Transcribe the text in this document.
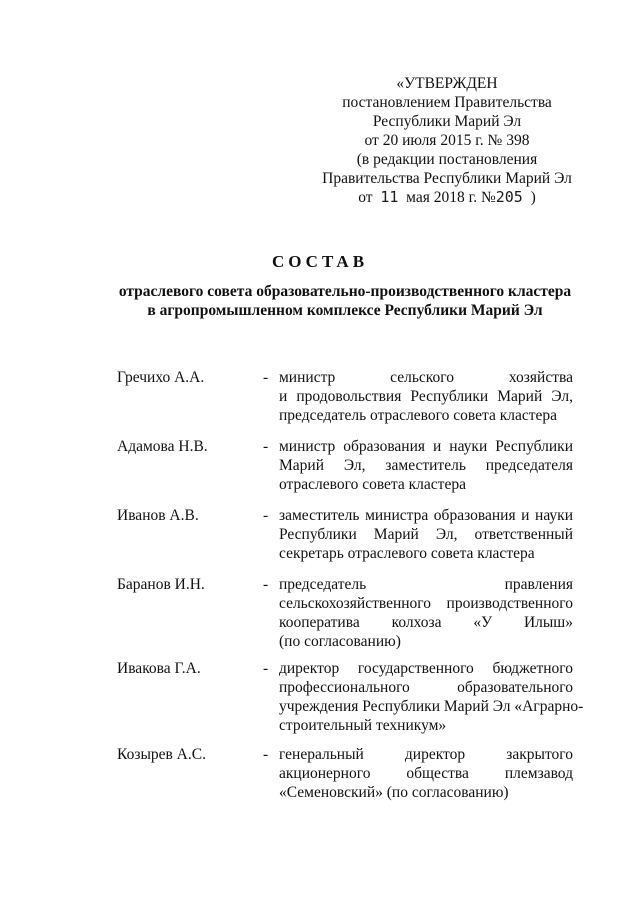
«УТВЕРЖДЕН
постановлением Правительства
Республики Марий Эл
от 20 июля 2015 г. № 398
(в редакции постановления
Правительства Республики Марий Эл
от 11 мая 2018 г. №205 )
СОСТАВ
отраслевого совета образовательно-производственного кластера
в агропромышленном комплексе Республики Марий Эл
Гречихо А.А.	- министр сельского хозяйства
и продовольствия Республики Марий Эл,
председатель отраслевого совета кластера
Адамова Н.В.	- министр образования и науки Республики
Марий Эл, заместитель председателя
отраслевого совета кластера
Иванов А.В.	- заместитель министра образования и науки
Республики Марий Эл, ответственный
секретарь отраслевого совета кластера
Баранов И.Н.	- председатель правления
сельскохозяйственного производственного
кооператива колхоза «У Илыш»
(по согласованию)
Ивакова Г.А.	- директор государственного бюджетного
профессионального образовательного
учреждения Республики Марий Эл «Аграрно-
строительный техникум»
Козырев А.С.	- генеральный директор закрытого
акционерного общества племзавод
«Семеновский» (по согласованию)
